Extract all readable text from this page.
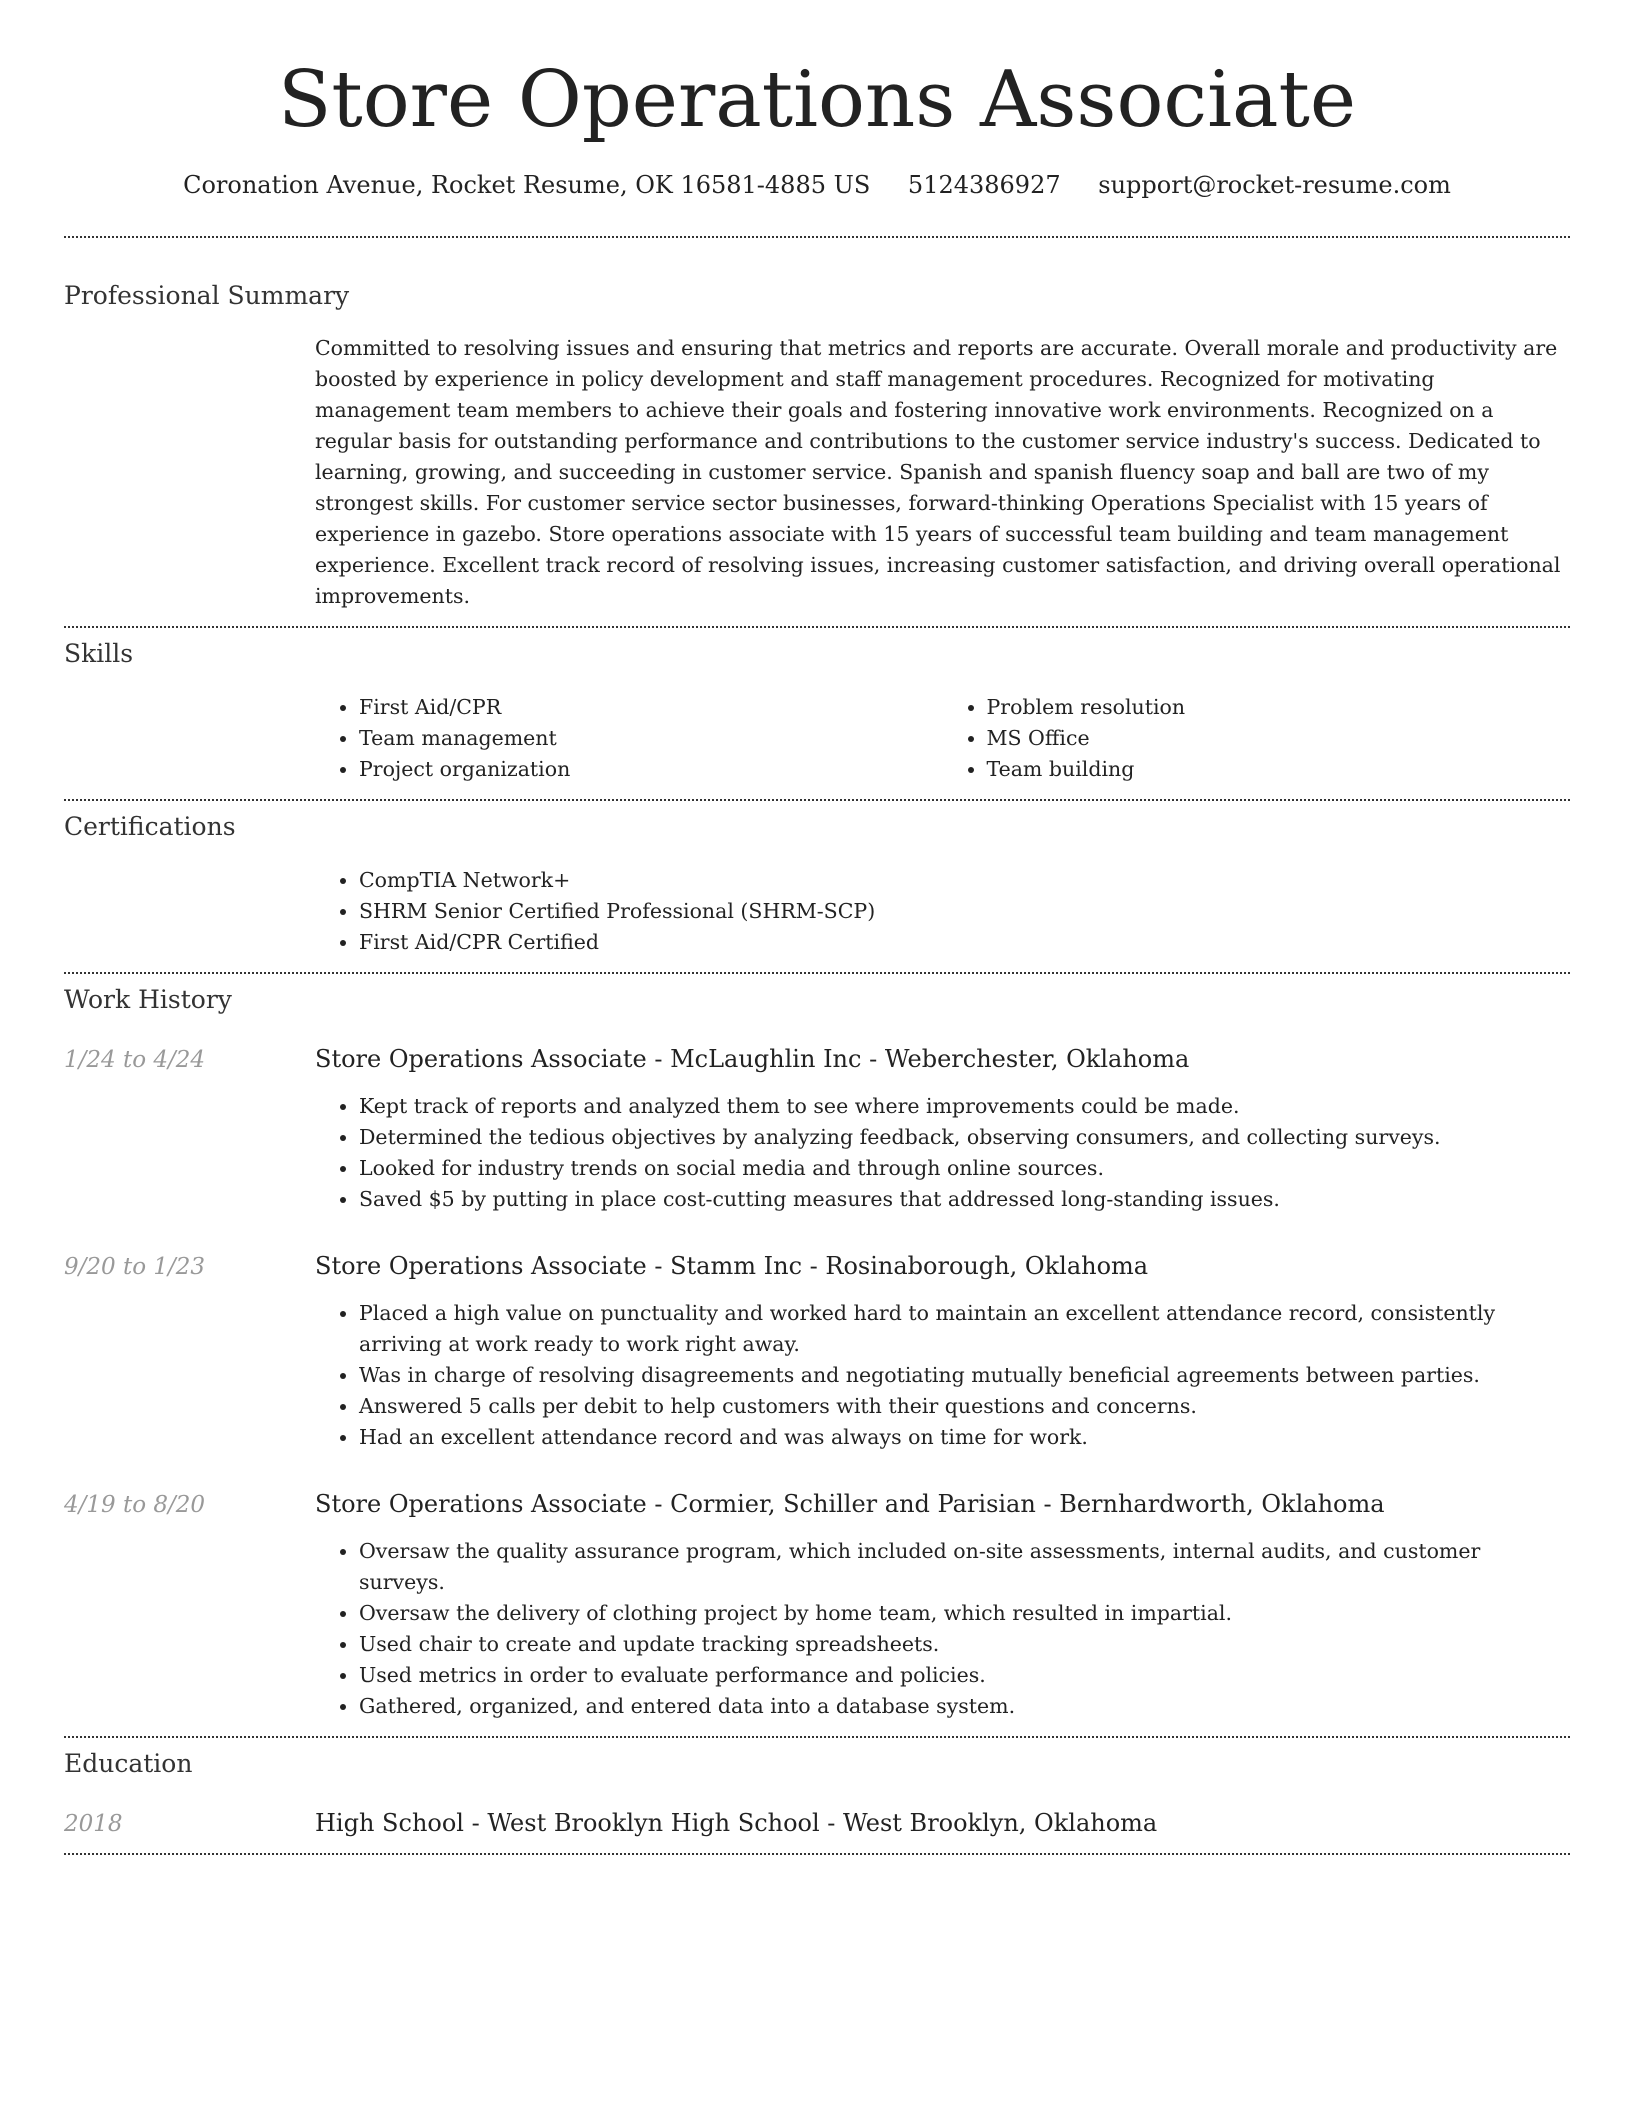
Store Operations Associate
Coronation Avenue, Rocket Resume, OK 16581-4885 US 5124386927 support@rocket-resume.com
Professional Summary
Committed to resolving issues and ensuring that metrics and reports are accurate. Overall morale and productivity are boosted by experience in policy development and staff management procedures. Recognized for motivating management team members to achieve their goals and fostering innovative work environments. Recognized on a regular basis for outstanding performance and contributions to the customer service industry's success. Dedicated to learning, growing, and succeeding in customer service. Spanish and spanish fluency soap and ball are two of my strongest skills. For customer service sector businesses, forward-thinking Operations Specialist with 15 years of experience in gazebo. Store operations associate with 15 years of successful team building and team management experience. Excellent track record of resolving issues, increasing customer satisfaction, and driving overall operational improvements.
Skills
• First Aid/CPR
• Team management
• Project organization
• Problem resolution
• MS Office
• Team building
Certifications
• CompTIA Network+
• SHRM Senior Certified Professional (SHRM-SCP)
• First Aid/CPR Certified
Work History
1/24 to 4/24	Store Operations Associate - McLaughlin Inc - Weberchester, Oklahoma
• Kept track of reports and analyzed them to see where improvements could be made.
• Determined the tedious objectives by analyzing feedback, observing consumers, and collecting surveys.
• Looked for industry trends on social media and through online sources.
• Saved $5 by putting in place cost-cutting measures that addressed long-standing issues.
9/20 to 1/23	Store Operations Associate - Stamm Inc - Rosinaborough, Oklahoma
• Placed a high value on punctuality and worked hard to maintain an excellent attendance record, consistently arriving at work ready to work right away.
• Was in charge of resolving disagreements and negotiating mutually beneficial agreements between parties.
• Answered 5 calls per debit to help customers with their questions and concerns.
• Had an excellent attendance record and was always on time for work.
4/19 to 8/20	Store Operations Associate - Cormier, Schiller and Parisian - Bernhardworth, Oklahoma
• Oversaw the quality assurance program, which included on-site assessments, internal audits, and customer surveys.
• Oversaw the delivery of clothing project by home team, which resulted in impartial.
• Used chair to create and update tracking spreadsheets.
• Used metrics in order to evaluate performance and policies.
• Gathered, organized, and entered data into a database system.
Education
2018	High School - West Brooklyn High School - West Brooklyn, Oklahoma
